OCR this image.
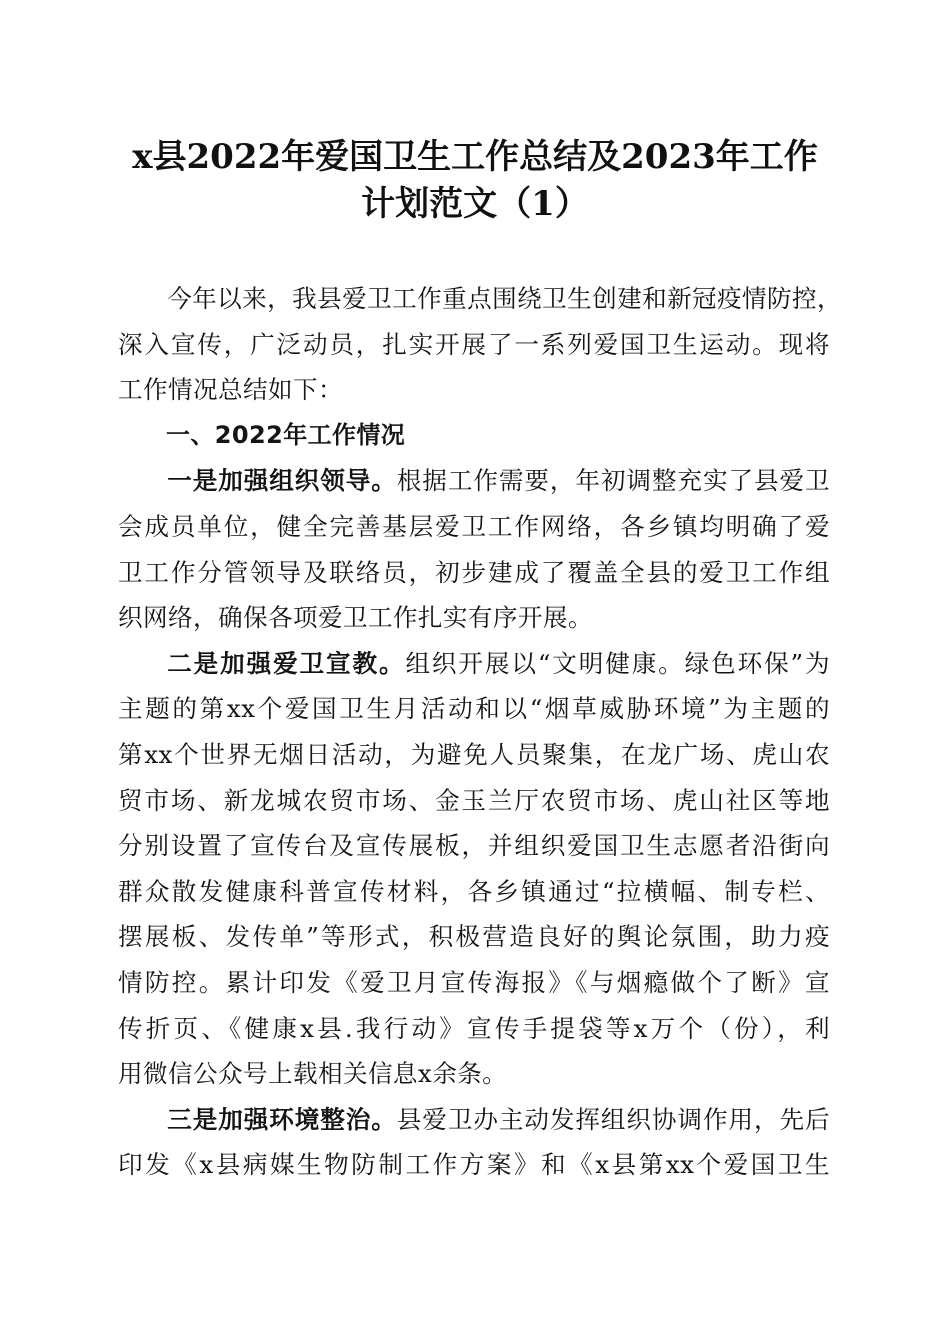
x县2022年爱国卫生工作总结及2023年工作
计划范文（1）

今年以来，我县爱卫工作重点围绕卫生创建和新冠疫情防控，
深入宣传，广泛动员，扎实开展了一系列爱国卫生运动。现将
工作情况总结如下：

一、2022年工作情况

一是加强组织领导。根据工作需要，年初调整充实了县爱卫
会成员单位，健全完善基层爱卫工作网络，各乡镇均明确了爱
卫工作分管领导及联络员，初步建成了覆盖全县的爱卫工作组
织网络，确保各项爱卫工作扎实有序开展。

二是加强爱卫宣教。组织开展以“文明健康。绿色环保”为
主题的第xx个爱国卫生月活动和以“烟草威胁环境”为主题的
第xx个世界无烟日活动，为避免人员聚集，在龙广场、虎山农
贸市场、新龙城农贸市场、金玉兰厅农贸市场、虎山社区等地
分别设置了宣传台及宣传展板，并组织爱国卫生志愿者沿街向
群众散发健康科普宣传材料，各乡镇通过“拉横幅、制专栏、
摆展板、发传单”等形式，积极营造良好的舆论氛围，助力疫
情防控。累计印发《爱卫月宣传海报》《与烟瘾做个了断》宣
传折页、《健康x县.我行动》宣传手提袋等x万个（份），利
用微信公众号上载相关信息x余条。

三是加强环境整治。县爱卫办主动发挥组织协调作用，先后
印发《x县病媒生物防制工作方案》和《x县第xx个爱国卫生
